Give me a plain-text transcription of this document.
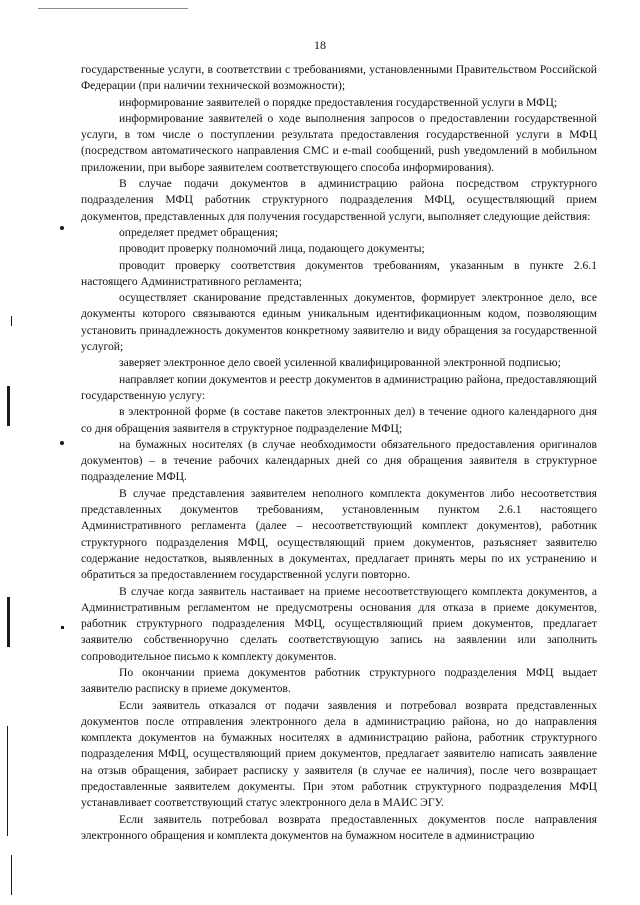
18

государственные услуги, в соответствии с требованиями, установленными Правительством Российской Федерации (при наличии технической возможности);

информирование заявителей о порядке предоставления государственной услуги в МФЦ;

информирование заявителей о ходе выполнения запросов о предоставлении государственной услуги, в том числе о поступлении результата предоставления государственной услуги в МФЦ (посредством автоматического направления СМС и e-mail сообщений, push уведомлений в мобильном приложении, при выборе заявителем соответствующего способа информирования).

В случае подачи документов в администрацию района посредством структурного подразделения МФЦ работник структурного подразделения МФЦ, осуществляющий прием документов, представленных для получения государственной услуги, выполняет следующие действия:

определяет предмет обращения;

проводит проверку полномочий лица, подающего документы;

проводит проверку соответствия документов требованиям, указанным в пункте 2.6.1 настоящего Административного регламента;

осуществляет сканирование представленных документов, формирует электронное дело, все документы которого связываются единым уникальным идентификационным кодом, позволяющим установить принадлежность документов конкретному заявителю и виду обращения за государственной услугой;

заверяет электронное дело своей усиленной квалифицированной электронной подписью;

направляет копии документов и реестр документов в администрацию района, предоставляющий государственную услугу:

в электронной форме (в составе пакетов электронных дел) в течение одного календарного дня со дня обращения заявителя в структурное подразделение МФЦ;

на бумажных носителях (в случае необходимости обязательного предоставления оригиналов документов) – в течение рабочих календарных дней со дня обращения заявителя в структурное подразделение МФЦ.

В случае представления заявителем неполного комплекта документов либо несоответствия представленных документов требованиям, установленным пунктом 2.6.1 настоящего Административного регламента (далее – несоответствующий комплект документов), работник структурного подразделения МФЦ, осуществляющий прием документов, разъясняет заявителю содержание недостатков, выявленных в документах, предлагает принять меры по их устранению и обратиться за предоставлением государственной услуги повторно.

В случае когда заявитель настаивает на приеме несоответствующего комплекта документов, а Административным регламентом не предусмотрены основания для отказа в приеме документов, работник структурного подразделения МФЦ, осуществляющий прием документов, предлагает заявителю собственноручно сделать соответствующую запись на заявлении или заполнить сопроводительное письмо к комплекту документов.

По окончании приема документов работник структурного подразделения МФЦ выдает заявителю расписку в приеме документов.

Если заявитель отказался от подачи заявления и потребовал возврата представленных документов после отправления электронного дела в администрацию района, но до направления комплекта документов на бумажных носителях в администрацию района, работник структурного подразделения МФЦ, осуществляющий прием документов, предлагает заявителю написать заявление на отзыв обращения, забирает расписку у заявителя (в случае ее наличия), после чего возвращает предоставленные заявителем документы. При этом работник структурного подразделения МФЦ устанавливает соответствующий статус электронного дела в МАИС ЭГУ.

Если заявитель потребовал возврата предоставленных документов после направления электронного обращения и комплекта документов на бумажном носителе в администрацию
